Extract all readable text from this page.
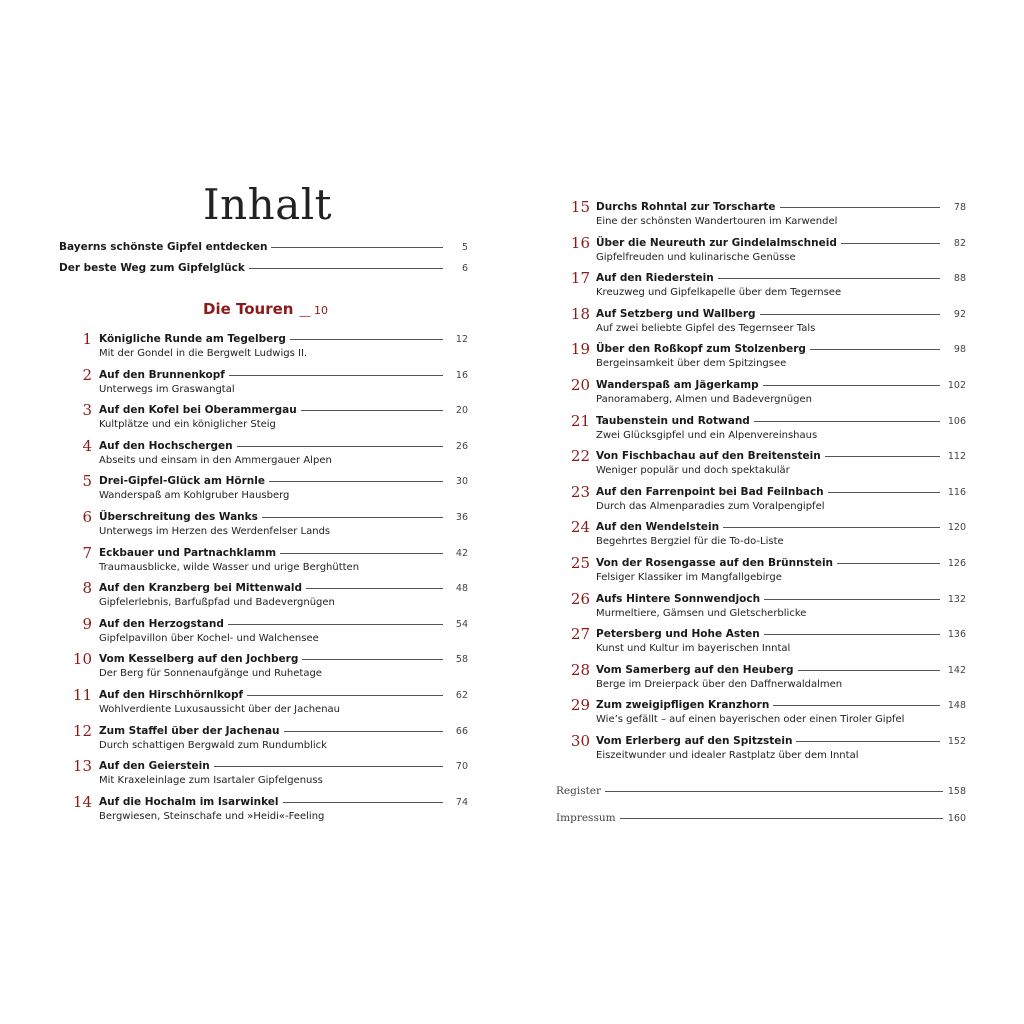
Inhalt
Bayerns schönste Gipfel entdecken	5
Der beste Weg zum Gipfelglück	6
Die Touren __ 10
1 Königliche Runde am Tegelberg	12
Mit der Gondel in die Bergwelt Ludwigs II.
2 Auf den Brunnenkopf	16
Unterwegs im Graswangtal
3 Auf den Kofel bei Oberammergau	20
Kultplätze und ein königlicher Steig
4 Auf den Hochschergen	26
Abseits und einsam in den Ammergauer Alpen
5 Drei-Gipfel-Glück am Hörnle	30
Wanderspaß am Kohlgruber Hausberg
6 Überschreitung des Wanks	36
Unterwegs im Herzen des Werdenfelser Lands
7 Eckbauer und Partnachklamm	42
Traumausblicke, wilde Wasser und urige Berghütten
8 Auf den Kranzberg bei Mittenwald	48
Gipfelerlebnis, Barfußpfad und Badevergnügen
9 Auf den Herzogstand	54
Gipfelpavillon über Kochel- und Walchensee
10 Vom Kesselberg auf den Jochberg	58
Der Berg für Sonnenaufgänge und Ruhetage
11 Auf den Hirschhörnlkopf	62
Wohlverdiente Luxusaussicht über der Jachenau
12 Zum Staffel über der Jachenau	66
Durch schattigen Bergwald zum Rundumblick
13 Auf den Geierstein	70
Mit Kraxeleinlage zum Isartaler Gipfelgenuss
14 Auf die Hochalm im Isarwinkel	74
Bergwiesen, Steinschafe und »Heidi«-Feeling
15 Durchs Rohntal zur Torscharte	78
Eine der schönsten Wandertouren im Karwendel
16 Über die Neureuth zur Gindelalmschneid	82
Gipfelfreuden und kulinarische Genüsse
17 Auf den Riederstein	88
Kreuzweg und Gipfelkapelle über dem Tegernsee
18 Auf Setzberg und Wallberg	92
Auf zwei beliebte Gipfel des Tegernseer Tals
19 Über den Roßkopf zum Stolzenberg	98
Bergeinsamkeit über dem Spitzingsee
20 Wanderspaß am Jägerkamp	102
Panoramaberg, Almen und Badevergnügen
21 Taubenstein und Rotwand	106
Zwei Glücksgipfel und ein Alpenvereinshaus
22 Von Fischbachau auf den Breitenstein	112
Weniger populär und doch spektakulär
23 Auf den Farrenpoint bei Bad Feilnbach	116
Durch das Almenparadies zum Voralpengipfel
24 Auf den Wendelstein	120
Begehrtes Bergziel für die To-do-Liste
25 Von der Rosengasse auf den Brünnstein	126
Felsiger Klassiker im Mangfallgebirge
26 Aufs Hintere Sonnwendjoch	132
Murmeltiere, Gämsen und Gletscherblicke
27 Petersberg und Hohe Asten	136
Kunst und Kultur im bayerischen Inntal
28 Vom Samerberg auf den Heuberg	142
Berge im Dreierpack über den Daffnerwaldalmen
29 Zum zweigipfligen Kranzhorn	148
Wie’s gefällt – auf einen bayerischen oder einen Tiroler Gipfel
30 Vom Erlerberg auf den Spitzstein	152
Eiszeitwunder und idealer Rastplatz über dem Inntal
Register	158
Impressum	160
